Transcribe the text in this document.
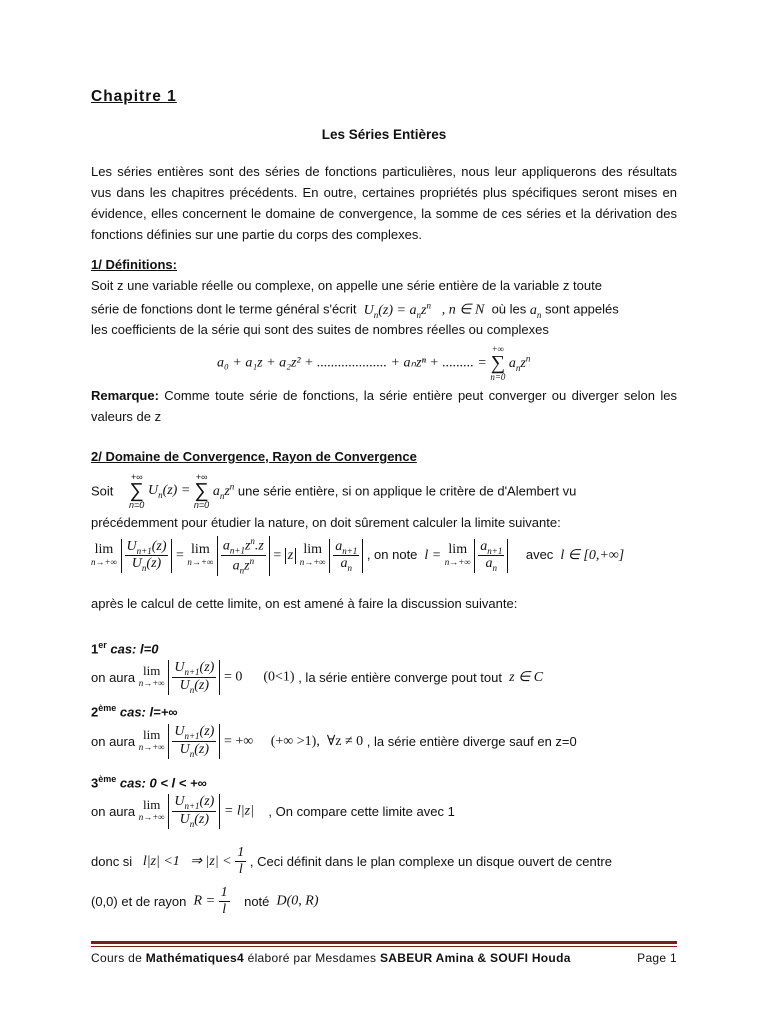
Chapitre 1
Les Séries Entières
Les séries entières sont des séries de fonctions particulières, nous leur appliquerons des résultats vus dans les chapitres précédents. En outre, certaines propriétés plus spécifiques seront mises en évidence, elles concernent le domaine de convergence, la somme de ces séries et la dérivation des fonctions définies sur une partie du corps des complexes.
1/ Définitions:
Soit z une variable réelle ou complexe, on appelle une série entière de la variable z toute
série de fonctions dont le terme général s'écrit  $U_n(z) = a_nz^n$ , n ∈ N où les $a_n$ sont appelés
les coefficients de la série qui sont des suites de nombres réelles ou complexes
a₀ + a₁z + a₂z² + .................... + aₙzⁿ + ......... =
+∞
∑
n=0
$a_nz^n$
Remarque: Comme toute série de fonctions, la série entière peut converger ou diverger selon les valeurs de z
2/ Domaine de Convergence, Rayon de Convergence
Soit
+∞
∑
n=0
$U_n(z)$ =
+∞
∑
n=0
$a_nz^n$ une série entière, si on applique le critère de d'Alembert vu
précédemment pour étudier la nature, on doit sûrement calculer la limite suivante:
lim
n→+∞
$\frac{U_{n+1}(z)}{U_n(z)} = \lim$
n→+∞
$\frac{a_{n+1}z^n.z}{a_nz^n} = z$ lim
n→+∞
$\frac{a_{n+1}}{a_n}$ , on note  l = lim
n→+∞
$\frac{a_{n+1}}{a_n}$ avec  l ∈ [0,+∞]
après le calcul de cette limite, on est amené à faire la discussion suivante:
1er cas: l=0
on aura lim
n→+∞
$\frac{U_{n+1}(z)}{U_n(z)} = 0$      (0<1) , la série entière converge pout tout  z ∈ C
2ème cas: l=+∞
on aura lim
n→+∞
$\frac{U_{n+1}(z)}{U_n(z)}$ = +∞     (+∞ >1),  ∀z ≠ 0 , la série entière diverge sauf en z=0
3ème cas: 0 < l < +∞
on aura lim
n→+∞
$\frac{U_{n+1}(z)}{U_n(z)} = l|z|$ , On compare cette limite avec 1
donc si   l|z| <1   ⇒ $|z| < \frac{1}{l}$ , Ceci définit dans le plan complexe un disque ouvert de centre
(0,0) et de rayon  $R = \frac{1}{l}$ noté  D(0, R)
Cours de Mathématiques4 élaboré par Mesdames SABEUR Amina & SOUFI Houda	Page 1
